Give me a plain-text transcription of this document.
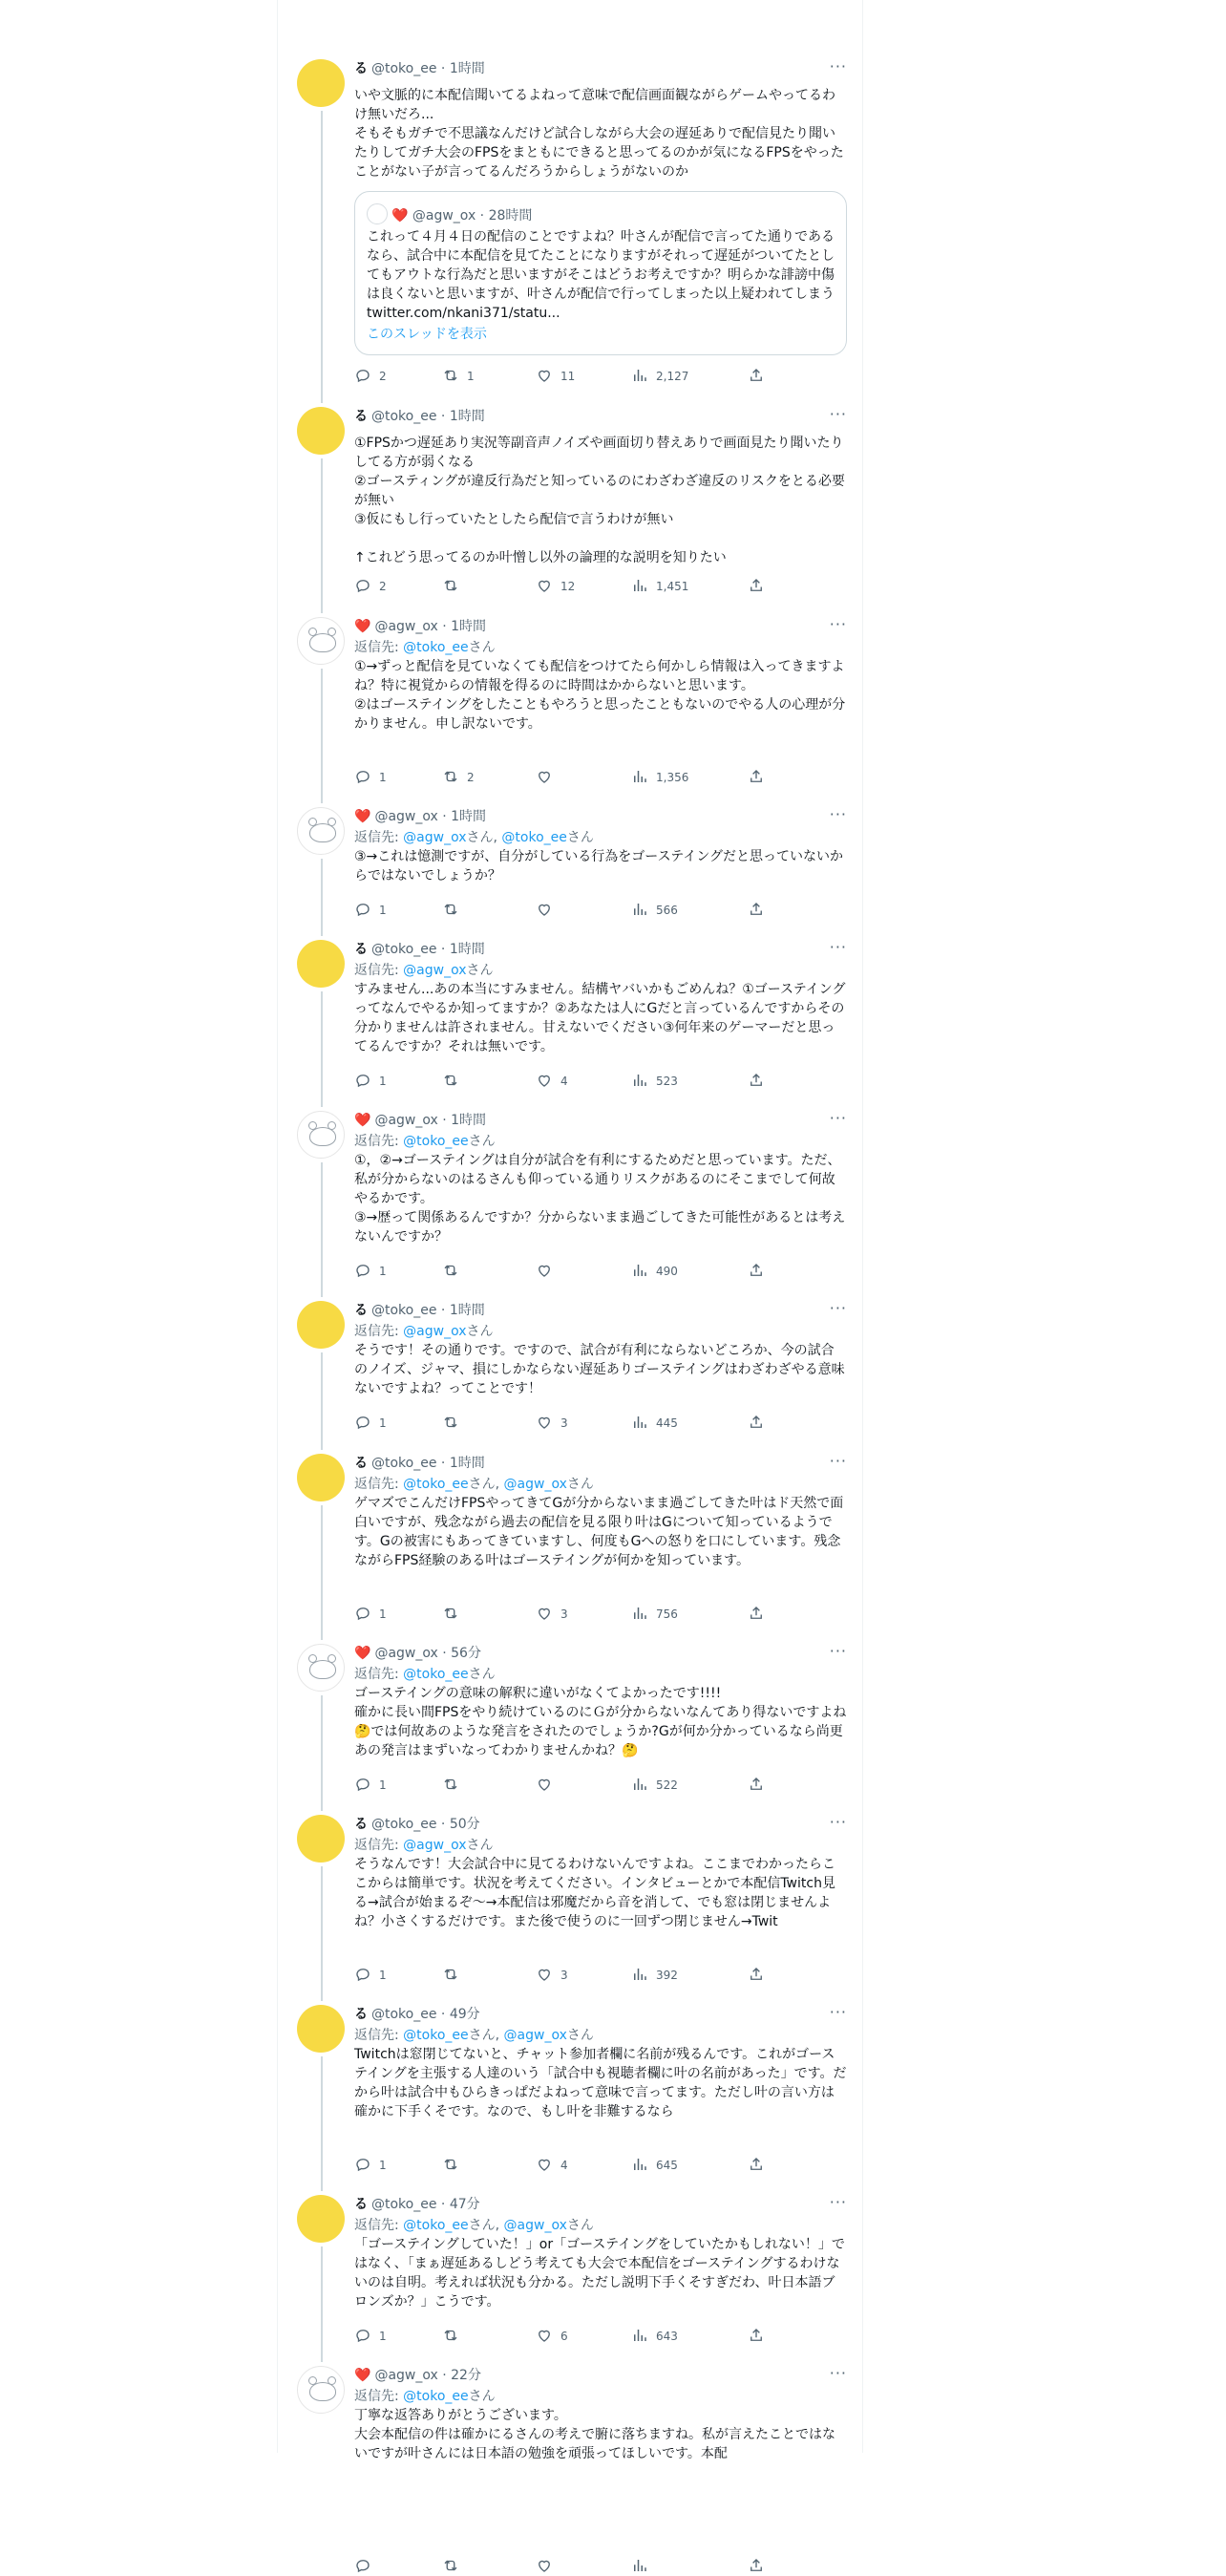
る @toko_ee · 1時間	···

いや文脈的に本配信聞いてるよねって意味で配信画面観ながらゲームやってるわけ無いだろ...
そもそもガチで不思議なんだけど試合しながら大会の遅延ありで配信見たり聞いたりしてガチ大会のFPSをまともにできると思ってるのかが気になるFPSをやったことがない子が言ってるんだろうからしょうがないのか

❤️ @agw_ox · 28時間

これって４月４日の配信のことですよね？叶さんが配信で言ってた通りであるなら、試合中に本配信を見てたことになりますがそれって遅延がついてたとしてもアウトな行為だと思いますがそこはどうお考えですか？明らかな誹謗中傷は良くないと思いますが、叶さんが配信で行ってしまった以上疑われてしまう twitter.com/nkani371/statu...

このスレッドを表示
2	1	11	2,127
る @toko_ee · 1時間	···

①FPSかつ遅延あり実況等副音声ノイズや画面切り替えありで画面見たり聞いたりしてる方が弱くなる
②ゴースティングが違反行為だと知っているのにわざわざ違反のリスクをとる必要が無い
③仮にもし行っていたとしたら配信で言うわけが無い

↑これどう思ってるのか叶憎し以外の論理的な説明を知りたい

2	12	1,451
❤️ @agw_ox · 1時間	···
返信先: @toko_eeさん

①→ずっと配信を見ていなくても配信をつけてたら何かしら情報は入ってきますよね？特に視覚からの情報を得るのに時間はかからないと思います。
②はゴーステイングをしたこともやろうと思ったこともないのでやる人の心理が分かりません。申し訳ないです。

1	2	1,356
❤️ @agw_ox · 1時間	···
返信先: @agw_oxさん, @toko_eeさん

③→これは憶測ですが、自分がしている行為をゴーステイングだと思っていないからではないでしょうか？

1	566
る @toko_ee · 1時間	···
返信先: @agw_oxさん

すみません...あの本当にすみません。結構ヤバいかもごめんね？①ゴーステイングってなんでやるか知ってますか？②あなたは人にGだと言っているんですからその分かりませんは許されません。甘えないでください③何年来のゲーマーだと思ってるんですか？それは無いです。

1	4	523
❤️ @agw_ox · 1時間	···
返信先: @toko_eeさん

①，②→ゴーステイングは自分が試合を有利にするためだと思っています。ただ、私が分からないのはるさんも仰っている通りリスクがあるのにそこまでして何故やるかです。
③→歴って関係あるんですか？分からないまま過ごしてきた可能性があるとは考えないんですか？

1	490
る @toko_ee · 1時間	···
返信先: @agw_oxさん

そうです！その通りです。ですので、試合が有利にならないどころか、今の試合のノイズ、ジャマ、損にしかならない遅延ありゴーステイングはわざわざやる意味ないですよね？ってことです！

1	3	445
る @toko_ee · 1時間	···
返信先: @toko_eeさん, @agw_oxさん

ゲマズでこんだけFPSやってきてGが分からないまま過ごしてきた叶はド天然で面白いですが、残念ながら過去の配信を見る限り叶はGについて知っているようです。Gの被害にもあってきていますし、何度もGへの怒りを口にしています。残念ながらFPS経験のある叶はゴーステイングが何かを知っています。

1	3	756
❤️ @agw_ox · 56分	···
返信先: @toko_eeさん

ゴーステイングの意味の解釈に違いがなくてよかったです!!!!
確かに長い間FPSをやり続けているのにＧが分からないなんてあり得ないですよね🤔では何故あのような発言をされたのでしょうか?Gが何か分かっているなら尚更あの発言はまずいなってわかりませんかね？🤔

1	522
る @toko_ee · 50分	···
返信先: @agw_oxさん

そうなんです！大会試合中に見てるわけないんですよね。ここまでわかったらここからは簡単です。状況を考えてください。インタビューとかで本配信Twitch見る→試合が始まるぞ～→本配信は邪魔だから音を消して、でも窓は閉じませんよね？小さくするだけです。また後で使うのに一回ずつ閉じません→Twit

1	3	392
る @toko_ee · 49分	···
返信先: @toko_eeさん, @agw_oxさん

Twitchは窓閉じてないと、チャット参加者欄に名前が残るんです。これがゴーステイングを主張する人達のいう「試合中も視聴者欄に叶の名前があった」です。だから叶は試合中もひらきっぱだよねって意味で言ってます。ただし叶の言い方は確かに下手くそです。なので、もし叶を非難するなら

1	4	645
る @toko_ee · 47分	···
返信先: @toko_eeさん, @agw_oxさん

「ゴーステイングしていた！」or「ゴーステイングをしていたかもしれない！」ではなく、「まぁ遅延あるしどう考えても大会で本配信をゴーステイングするわけないのは自明。考えれば状況も分かる。ただし説明下手くそすぎだわ、叶日本語ブロンズか？」こうです。

1	6	643
❤️ @agw_ox · 22分	···
返信先: @toko_eeさん

丁寧な返答ありがとうございます。
大会本配信の件は確かにるさんの考えで腑に落ちますね。私が言えたことではないですが叶さんには日本語の勉強を頑張ってほしいです。本配
